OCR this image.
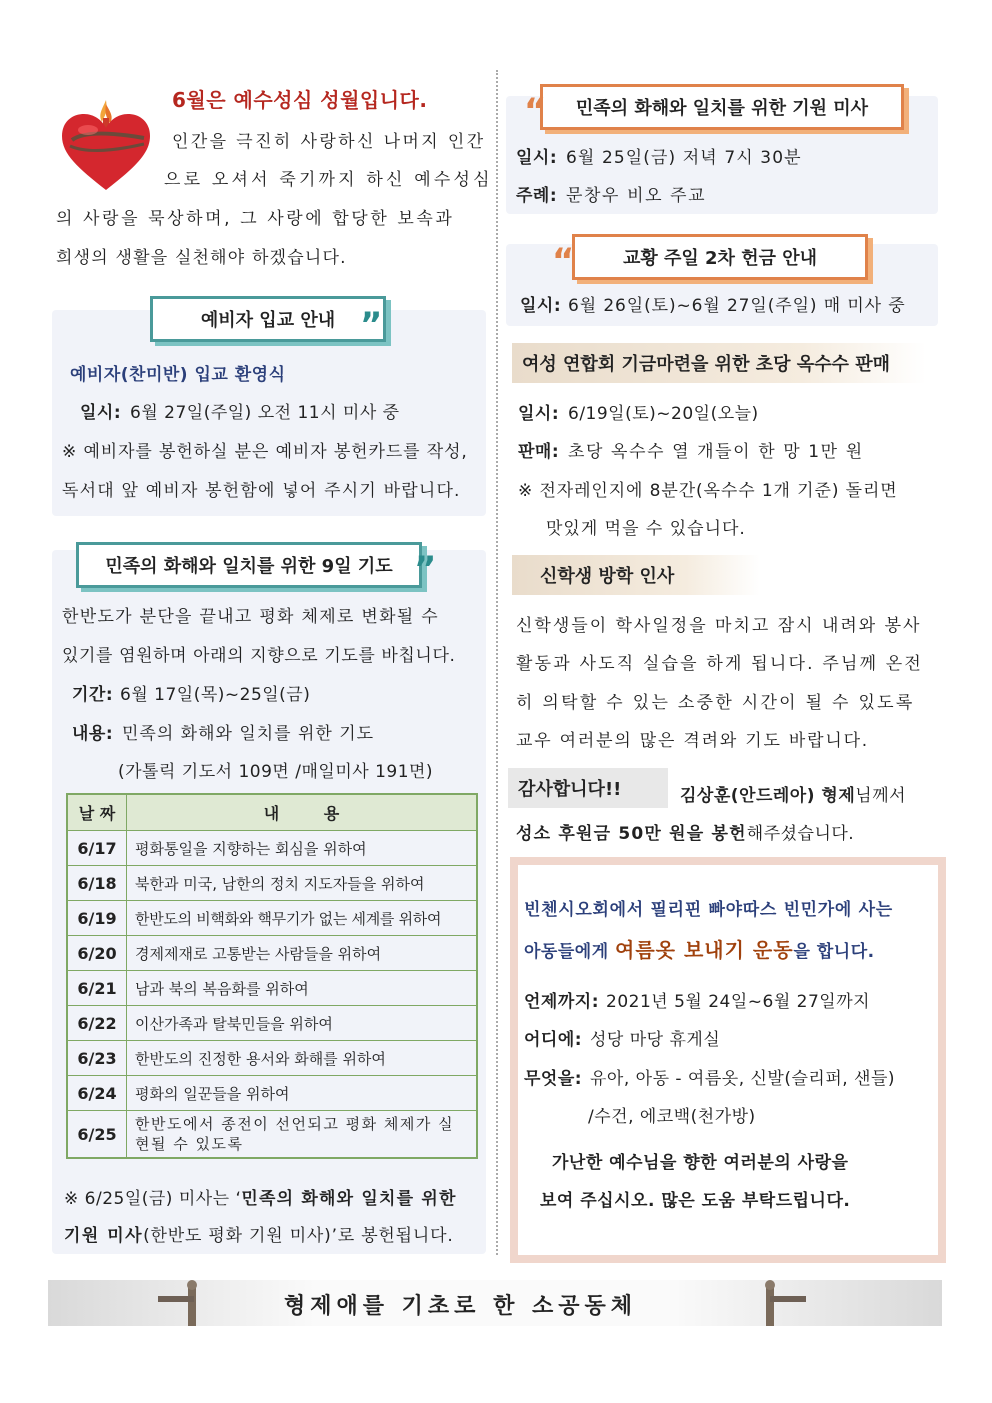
6월은 예수성심 성월입니다.
인간을 극진히 사랑하신 나머지 인간
으로 오셔서 죽기까지 하신 예수성심
의 사랑을 묵상하며, 그 사랑에 합당한 보속과
희생의 생활을 실천해야 하겠습니다.
예비자 입교 안내 ”
예비자(찬미반) 입교 환영식
일시: 6월 27일(주일) 오전 11시 미사 중
※ 예비자를 봉헌하실 분은 예비자 봉헌카드를 작성,
독서대 앞 예비자 봉헌함에 넣어 주시기 바랍니다.
민족의 화해와 일치를 위한 9일 기도 ”
한반도가 분단을 끝내고 평화 체제로 변화될 수
있기를 염원하며 아래의 지향으로 기도를 바칩니다.
기간: 6월 17일(목)~25일(금)
내용: 민족의 화해와 일치를 위한 기도
(가톨릭 기도서 109면 /매일미사 191면)
날 짜	내        용
6/17	평화통일을 지향하는 회심을 위하여
6/18	북한과 미국, 남한의 정치 지도자들을 위하여
6/19	한반도의 비핵화와 핵무기가 없는 세계를 위하여
6/20	경제제재로 고통받는 사람들을 위하여
6/21	남과 북의 복음화를 위하여
6/22	이산가족과 탈북민들을 위하여
6/23	한반도의 진정한 용서와 화해를 위하여
6/24	평화의 일꾼들을 위하여
6/25	한반도에서 종전이 선언되고 평화 체제가 실현될 수 있도록
※ 6/25일(금) 미사는 ‘민족의 화해와 일치를 위한
기원 미사(한반도 평화 기원 미사)’로 봉헌됩니다.
민족의 화해와 일치를 위한 기원 미사
“
일시: 6월 25일(금) 저녁 7시 30분
주례: 문창우 비오 주교
교황 주일 2차 헌금 안내
“
일시: 6월 26일(토)~6월 27일(주일) 매 미사 중
여성 연합회 기금마련을 위한 초당 옥수수 판매
일시: 6/19일(토)~20일(오늘)
판매: 초당 옥수수 열 개들이 한 망 1만 원
※ 전자레인지에 8분간(옥수수 1개 기준) 돌리면
맛있게 먹을 수 있습니다.
신학생 방학 인사
신학생들이 학사일정을 마치고 잠시 내려와 봉사
활동과 사도직 실습을 하게 됩니다. 주님께 온전
히 의탁할 수 있는 소중한 시간이 될 수 있도록
교우 여러분의 많은 격려와 기도 바랍니다.
감사합니다!!	김상훈(안드레아) 형제님께서
성소 후원금 50만 원을 봉헌해주셨습니다.
빈첸시오회에서 필리핀 빠야따스 빈민가에 사는
아동들에게 여름옷 보내기 운동을 합니다.
언제까지: 2021년 5월 24일~6월 27일까지
어디에: 성당 마당 휴게실
무엇을: 유아, 아동 - 여름옷, 신발(슬리퍼, 샌들)
/수건, 에코백(천가방)
가난한 예수님을 향한 여러분의 사랑을
보여 주십시오. 많은 도움 부탁드립니다.
형제애를 기초로 한 소공동체
